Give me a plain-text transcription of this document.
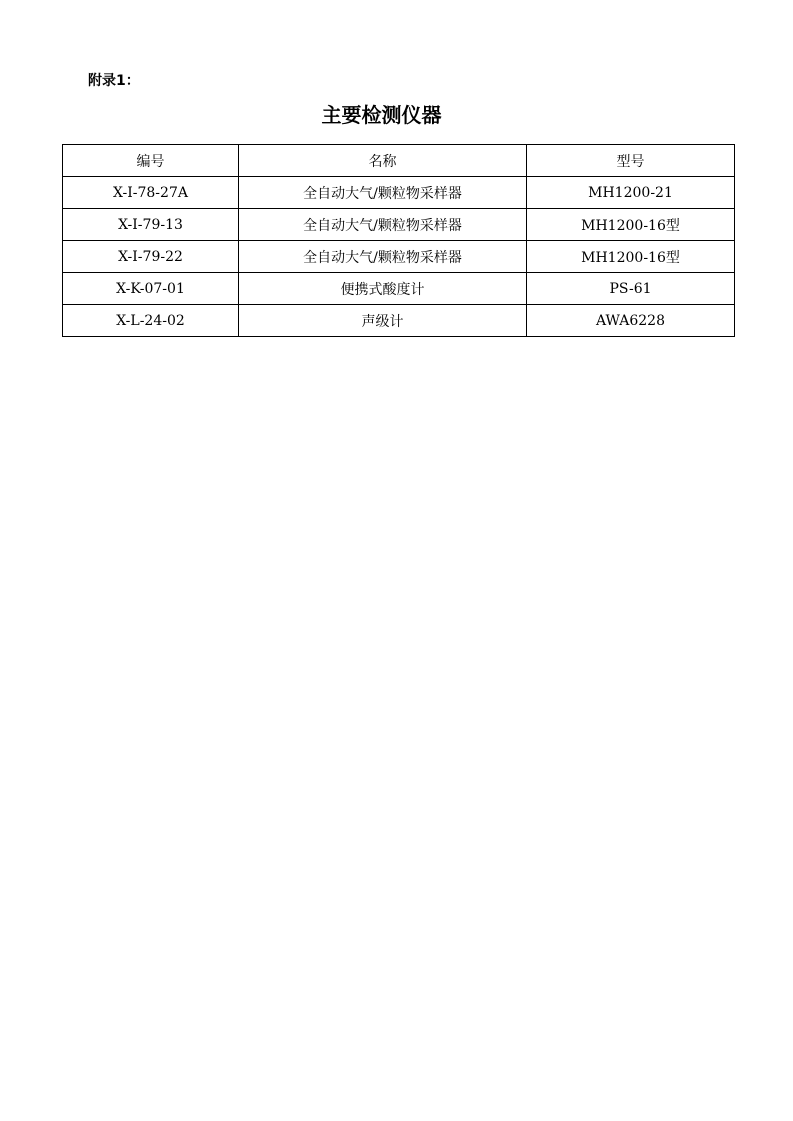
附录1：
主要检测仪器
编号	名称	型号
X-I-78-27A	全自动大气/颗粒物采样器	MH1200-21
X-I-79-13	全自动大气/颗粒物采样器	MH1200-16型
X-I-79-22	全自动大气/颗粒物采样器	MH1200-16型
X-K-07-01	便携式酸度计	PS-61
X-L-24-02	声级计	AWA6228
